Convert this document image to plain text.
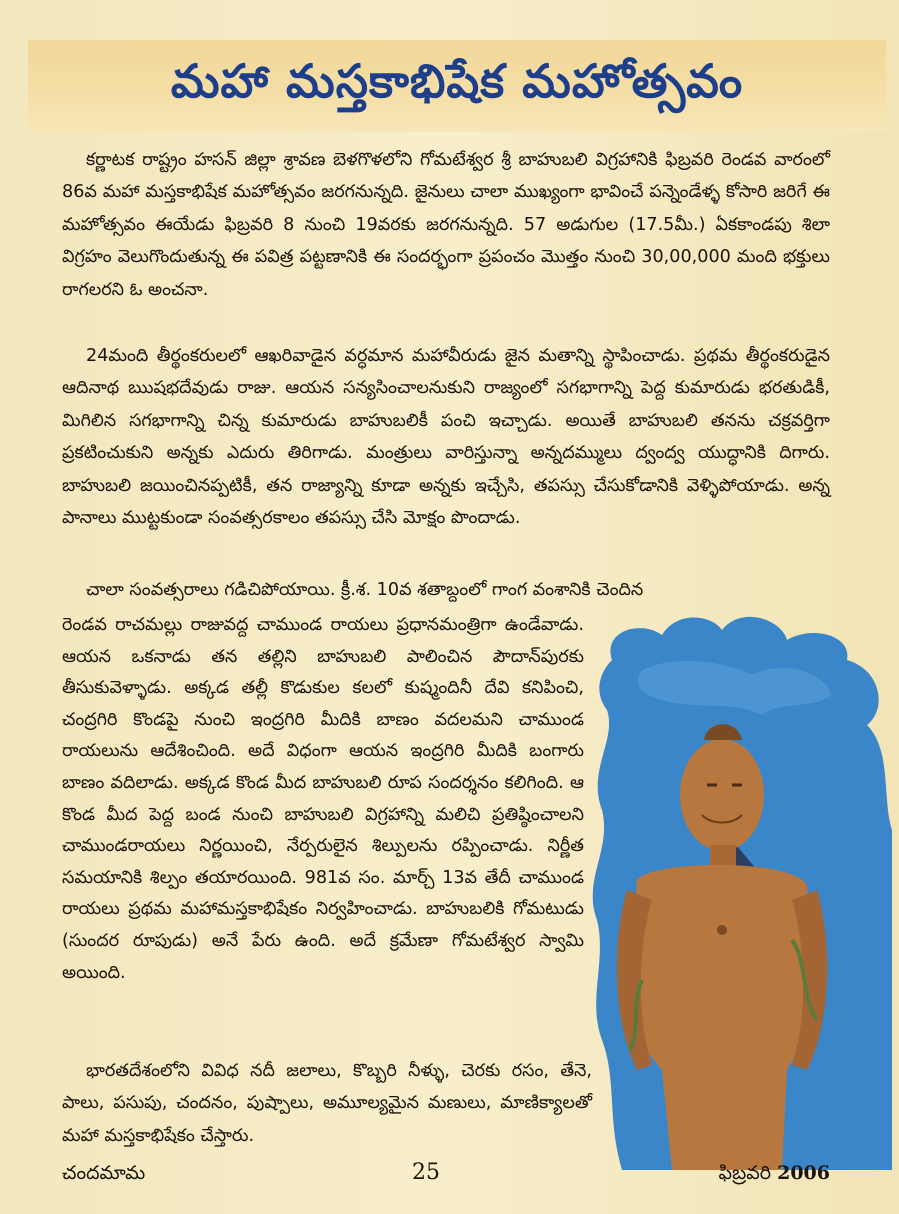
మహా మస్తకాభిషేక మహోత్సవం

కర్ణాటక రాష్ట్రం హసన్ జిల్లా శ్రావణ బెళగొళలోని గోమటేశ్వర శ్రీ బాహుబలి విగ్రహానికి ఫిబ్రవరి రెండవ వారంలో 86వ మహా మస్తకాభిషేక మహోత్సవం జరగనున్నది. జైనులు చాలా ముఖ్యంగా భావించే పన్నెండేళ్ళ కోసారి జరిగే ఈ మహోత్సవం ఈయేడు ఫిబ్రవరి 8 నుంచి 19వరకు జరగనున్నది. 57 అడుగుల (17.5మీ.) ఏకకాండపు శిలా విగ్రహం వెలుగొందుతున్న ఈ పవిత్ర పట్టణానికి ఈ సందర్భంగా ప్రపంచం మొత్తం నుంచి 30,00,000 మంది భక్తులు రాగలరని ఓ అంచనా.

24మంది తీర్థంకరులలో ఆఖరివాడైన వర్ధమాన మహావీరుడు జైన మతాన్ని స్థాపించాడు. ప్రథమ తీర్థంకరుడైన ఆదినాథ ఋషభదేవుడు రాజు. ఆయన సన్యసించాలనుకుని రాజ్యంలో సగభాగాన్ని పెద్ద కుమారుడు భరతుడికీ, మిగిలిన సగభాగాన్ని చిన్న కుమారుడు బాహుబలికీ పంచి ఇచ్చాడు. అయితే బాహుబలి తనను చక్రవర్తిగా ప్రకటించుకుని అన్నకు ఎదురు తిరిగాడు. మంత్రులు వారిస్తున్నా అన్నదమ్ములు ద్వంద్వ యుద్ధానికి దిగారు. బాహుబలి జయించినప్పటికీ, తన రాజ్యాన్ని కూడా అన్నకు ఇచ్చేసి, తపస్సు చేసుకోడానికి వెళ్ళిపోయాడు. అన్న పానాలు ముట్టకుండా సంవత్సరకాలం తపస్సు చేసి మోక్షం పొందాడు.

చాలా సంవత్సరాలు గడిచిపోయాయి. క్రీ.శ. 10వ శతాబ్దంలో గాంగ వంశానికి చెందిన

రెండవ రాచమల్లు రాజువద్ద చాముండ రాయలు ప్రధానమంత్రిగా ఉండేవాడు. ఆయన ఒకనాడు తన తల్లిని బాహుబలి పాలించిన పౌదాన్‌పురకు తీసుకువెళ్ళాడు. అక్కడ తల్లీ కొడుకుల కలలో కుష్మందినీ దేవి కనిపించి, చంద్రగిరి కొండపై నుంచి ఇంద్రగిరి మీదికి బాణం వదలమని చాముండ రాయలును ఆదేశించింది. అదే విధంగా ఆయన ఇంద్రగిరి మీదికి బంగారు బాణం వదిలాడు. అక్కడ కొండ మీద బాహుబలి రూప సందర్శనం కలిగింది. ఆ కొండ మీద పెద్ద బండ నుంచి బాహుబలి విగ్రహాన్ని మలిచి ప్రతిష్ఠించాలని చాముండరాయలు నిర్ణయించి, నేర్పరులైన శిల్పులను రప్పించాడు. నిర్ణీత సమయానికి శిల్పం తయారయింది. 981వ సం. మార్చ్ 13వ తేదీ చాముండ రాయలు ప్రథమ మహామస్తకాభిషేకం నిర్వహించాడు. బాహుబలికి గోమటుడు (సుందర రూపుడు) అనే పేరు ఉంది. అదే క్రమేణా గోమటేశ్వర స్వామి అయింది.

భారతదేశంలోని వివిధ నదీ జలాలు, కొబ్బరి నీళ్ళు, చెరకు రసం, తేనె, పాలు, పసుపు, చందనం, పుష్పాలు, అమూల్యమైన మణులు, మాణిక్యాలతో మహా మస్తకాభిషేకం చేస్తారు.

చందమామ	25	ఫిబ్రవరి 2006
